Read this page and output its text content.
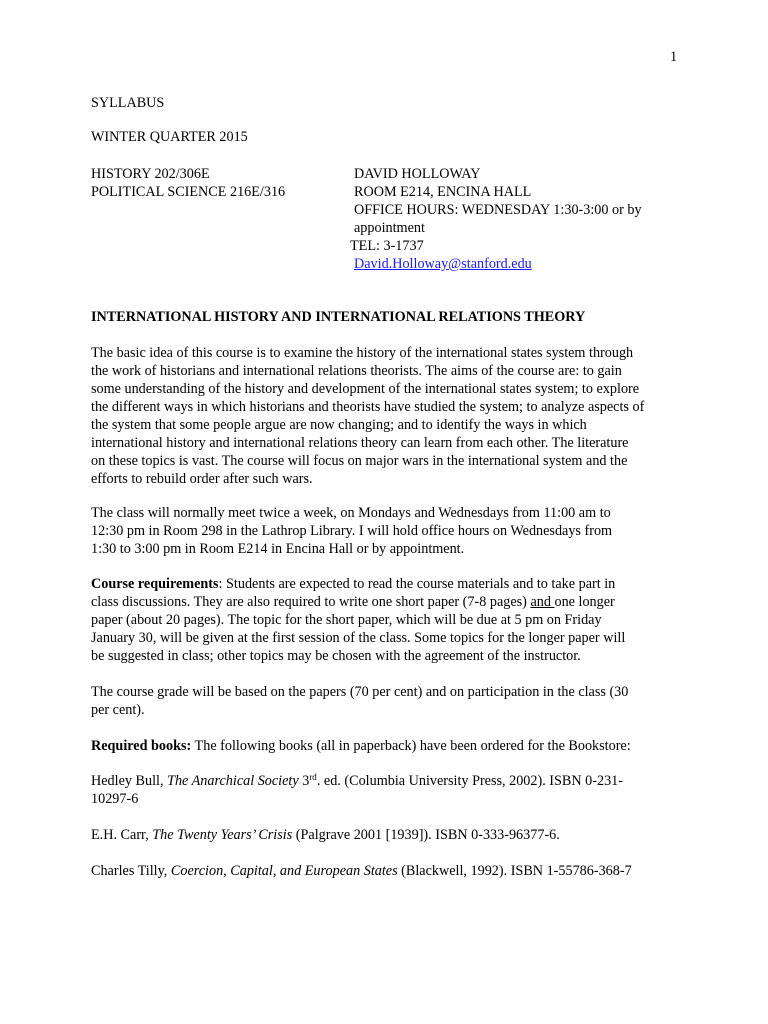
1
SYLLABUS
WINTER QUARTER 2015
HISTORY 202/306E
POLITICAL SCIENCE 216E/316
DAVID HOLLOWAY
ROOM E214, ENCINA HALL
OFFICE HOURS: WEDNESDAY 1:30-3:00 or by
appointment
TEL: 3-1737
David.Holloway@stanford.edu
INTERNATIONAL HISTORY AND INTERNATIONAL RELATIONS THEORY
The basic idea of this course is to examine the history of the international states system through
the work of historians and international relations theorists. The aims of the course are: to gain
some understanding of the history and development of the international states system; to explore
the different ways in which historians and theorists have studied the system; to analyze aspects of
the system that some people argue are now changing; and to identify the ways in which
international history and international relations theory can learn from each other. The literature
on these topics is vast. The course will focus on major wars in the international system and the
efforts to rebuild order after such wars.
The class will normally meet twice a week, on Mondays and Wednesdays from 11:00 am to
12:30 pm in Room 298 in the Lathrop Library. I will hold office hours on Wednesdays from
1:30 to 3:00 pm in Room E214 in Encina Hall or by appointment.
Course requirements: Students are expected to read the course materials and to take part in
class discussions. They are also required to write one short paper (7-8 pages) and one longer
paper (about 20 pages). The topic for the short paper, which will be due at 5 pm on Friday
January 30, will be given at the first session of the class. Some topics for the longer paper will
be suggested in class; other topics may be chosen with the agreement of the instructor.
The course grade will be based on the papers (70 per cent) and on participation in the class (30
per cent).
Required books: The following books (all in paperback) have been ordered for the Bookstore:
Hedley Bull, The Anarchical Society 3rd. ed. (Columbia University Press, 2002). ISBN 0-231-
10297-6
E.H. Carr, The Twenty Years’ Crisis (Palgrave 2001 [1939]). ISBN 0-333-96377-6.
Charles Tilly, Coercion, Capital, and European States (Blackwell, 1992). ISBN 1-55786-368-7
